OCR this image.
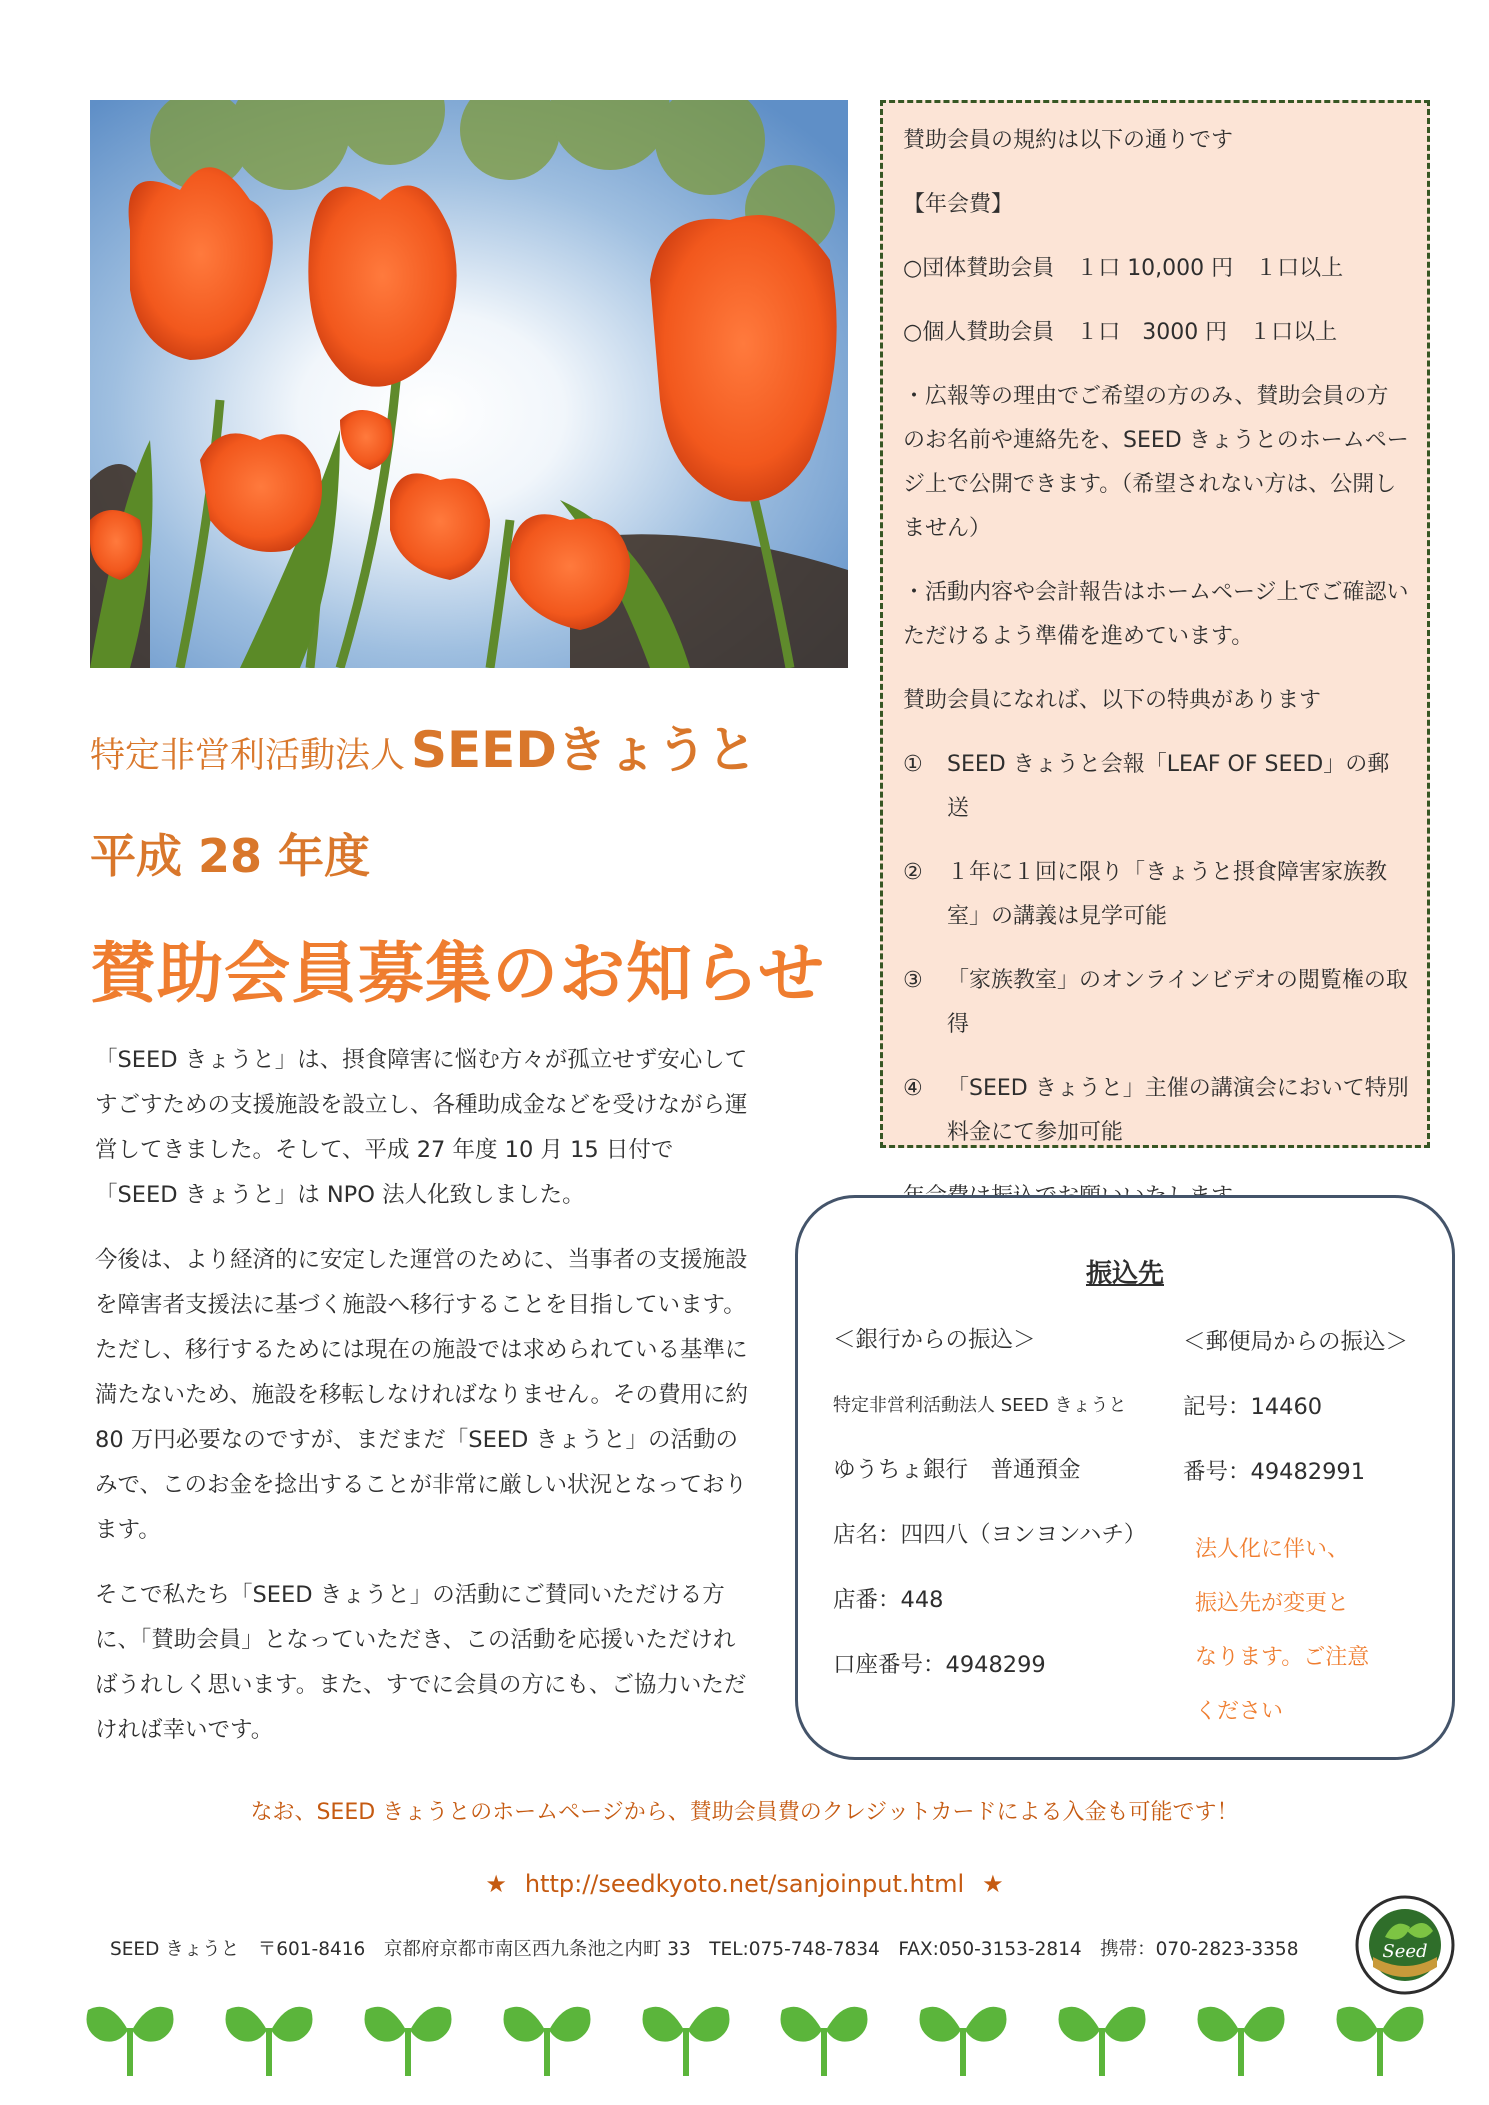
特定非営利活動法人 SEEDきょうと
平成 28 年度
賛助会員募集のお知らせ

「SEED きょうと」は、摂食障害に悩む方々が孤立せず安心してすごすための支援施設を設立し、各種助成金などを受けながら運営してきました。そして、平成 27 年度 10 月 15 日付で「SEED きょうと」は NPO 法人化致しました。

今後は、より経済的に安定した運営のために、当事者の支援施設を障害者支援法に基づく施設へ移行することを目指しています。ただし、移行するためには現在の施設では求められている基準に満たないため、施設を移転しなければなりません。その費用に約 80 万円必要なのですが、まだまだ「SEED きょうと」の活動のみで、このお金を捻出することが非常に厳しい状況となっております。

そこで私たち「SEED きょうと」の活動にご賛同いただける方に、「賛助会員」となっていただき、この活動を応援いただければうれしく思います。また、すでに会員の方にも、ご協力いただければ幸いです。

賛助会員の規約は以下の通りです
【年会費】
○団体賛助会員　１口 10,000 円　１口以上
○個人賛助会員　１口　3000 円　１口以上
・広報等の理由でご希望の方のみ、賛助会員の方のお名前や連絡先を、SEED きょうとのホームページ上で公開できます。（希望されない方は、公開しません）
・活動内容や会計報告はホームページ上でご確認いただけるよう準備を進めています。
賛助会員になれば、以下の特典があります
①	SEED きょうと会報「LEAF OF SEED」の郵送
②	１年に１回に限り「きょうと摂食障害家族教室」の講義は見学可能
③	「家族教室」のオンラインビデオの閲覧権の取得
④	「SEED きょうと」主催の講演会において特別料金にて参加可能
振込先
＜銀行からの振込＞
特定非営利活動法人 SEED きょうと
ゆうちょ銀行　普通預金
店名：四四八（ヨンヨンハチ）
店番：448
口座番号：4948299
＜郵便局からの振込＞
記号：14460
番号：49482991
法人化に伴い、振込先が変更となります。ご注意ください
なお、SEED きょうとのホームページから、賛助会員費のクレジットカードによる入金も可能です！
★ http://seedkyoto.net/sanjoinput.html ★
SEED きょうと　〒601-8416　京都府京都市南区西九条池之内町 33　TEL:075-748-7834　FAX:050-3153-2814　携帯：070-2823-3358	Seed
